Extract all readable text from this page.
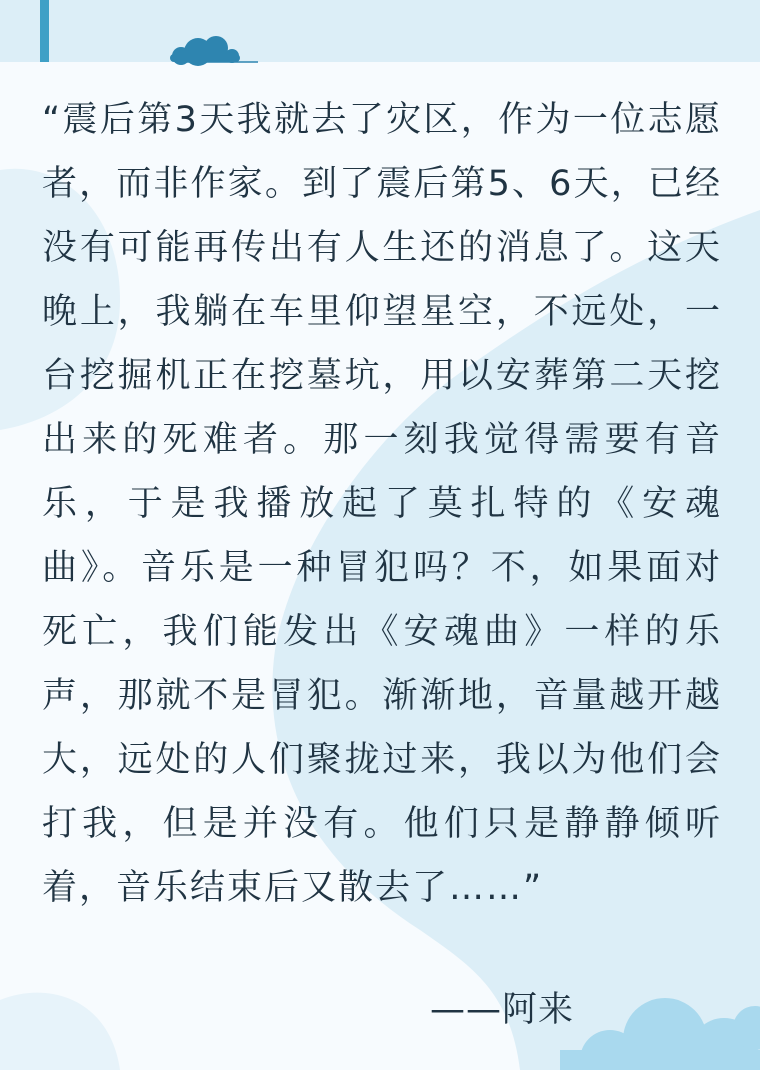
“震后第3天我就去了灾区，作为一位志愿者，而非作家。到了震后第5、6天，已经没有可能再传出有人生还的消息了。这天晚上，我躺在车里仰望星空，不远处，一台挖掘机正在挖墓坑，用以安葬第二天挖出来的死难者。那一刻我觉得需要有音乐，于是我播放起了莫扎特的《安魂曲》。音乐是一种冒犯吗？不，如果面对死亡，我们能发出《安魂曲》一样的乐声，那就不是冒犯。渐渐地，音量越开越大，远处的人们聚拢过来，我以为他们会打我，但是并没有。他们只是静静倾听着，音乐结束后又散去了……”

——阿来
